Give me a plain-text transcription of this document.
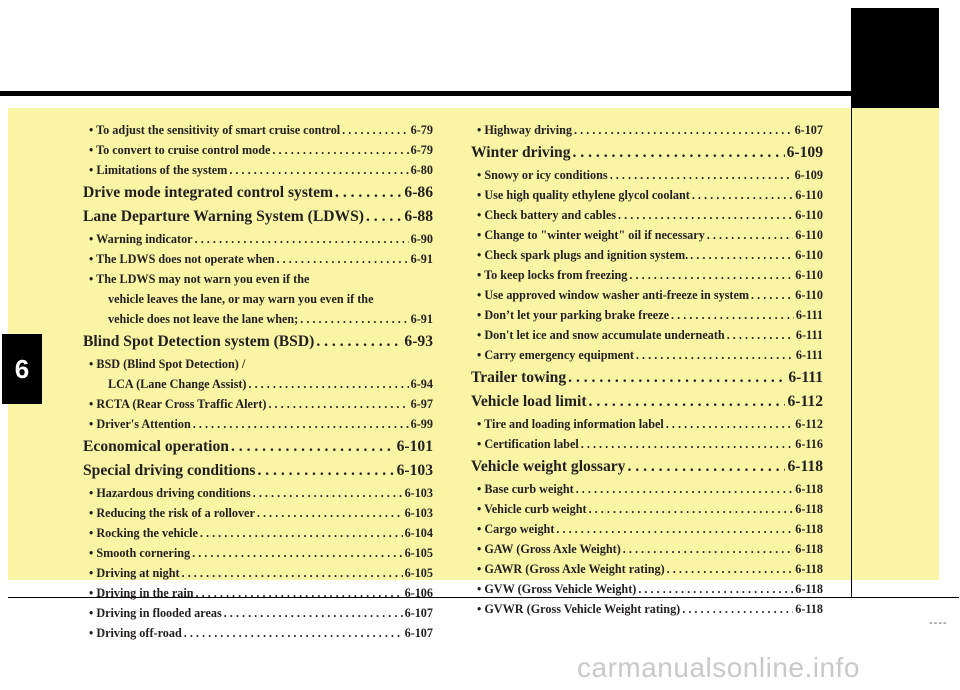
6
• To adjust the sensitivity of smart cruise control . . .	6-79
• To convert to cruise control mode . . .	6-79
• Limitations of the system . . .	6-80
Drive mode integrated control system . . .	6-86
Lane Departure Warning System (LDWS) . . .	6-88
• Warning indicator . . .	6-90
• The LDWS does not operate when . . .	6-91
• The LDWS may not warn you even if the
vehicle leaves the lane, or may warn you even if the
vehicle does not leave the lane when; . . .	6-91
Blind Spot Detection system (BSD) . . .	6-93
• BSD (Blind Spot Detection) /
LCA (Lane Change Assist) . . .	6-94
• RCTA (Rear Cross Traffic Alert) . . .	6-97
• Driver's Attention . . .	6-99
Economical operation . . .	6-101
Special driving conditions . . .	6-103
• Hazardous driving conditions . . .	6-103
• Reducing the risk of a rollover . . .	6-103
• Rocking the vehicle . . .	6-104
• Smooth cornering . . .	6-105
• Driving at night . . .	6-105
• Driving in the rain . . .	6-106
• Driving in flooded areas . . .	6-107
• Driving off-road . . .	6-107
• Highway driving . . .	6-107
Winter driving . . .	6-109
• Snowy or icy conditions . . .	6-109
• Use high quality ethylene glycol coolant . . .	6-110
• Check battery and cables . . .	6-110
• Change to "winter weight" oil if necessary . . .	6-110
• Check spark plugs and ignition system. . . .	6-110
• To keep locks from freezing . . .	6-110
• Use approved window washer anti-freeze in system . . .	6-110
• Don’t let your parking brake freeze . . .	6-111
• Don't let ice and snow accumulate underneath . . .	6-111
• Carry emergency equipment . . .	6-111
Trailer towing . . .	6-111
Vehicle load limit . . .	6-112
• Tire and loading information label . . .	6-112
• Certification label . . .	6-116
Vehicle weight glossary . . .	6-118
• Base curb weight . . .	6-118
• Vehicle curb weight . . .	6-118
• Cargo weight . . .	6-118
• GAW (Gross Axle Weight) . . .	6-118
• GAWR (Gross Axle Weight rating) . . .	6-118
• GVW (Gross Vehicle Weight) . . .	6-118
• GVWR (Gross Vehicle Weight rating) . . .	6-118
----
carmanualsonline.info
